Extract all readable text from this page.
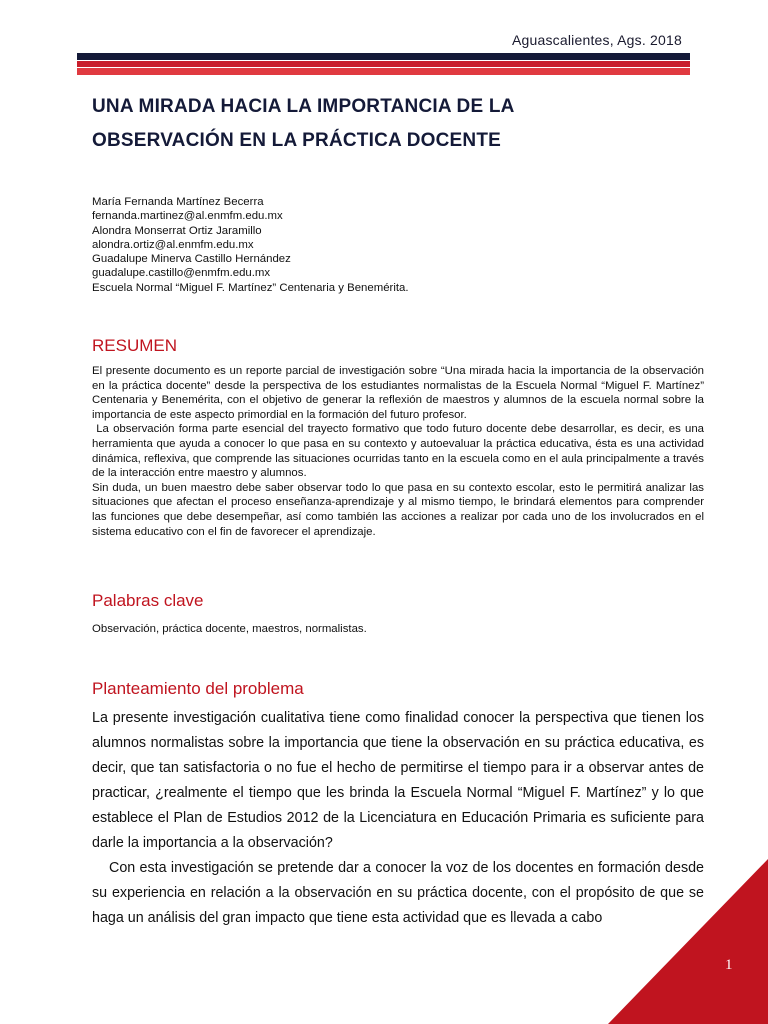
Aguascalientes, Ags. 2018
UNA MIRADA HACIA LA IMPORTANCIA DE LA
OBSERVACIÓN EN LA PRÁCTICA DOCENTE
María Fernanda Martínez Becerra
fernanda.martinez@al.enmfm.edu.mx
Alondra Monserrat Ortiz Jaramillo
alondra.ortiz@al.enmfm.edu.mx
Guadalupe Minerva Castillo Hernández
guadalupe.castillo@enmfm.edu.mx
Escuela Normal “Miguel F. Martínez” Centenaria y Benemérita.
RESUMEN

El presente documento es un reporte parcial de investigación sobre “Una mirada hacia la importancia de la observación en la práctica docente” desde la perspectiva de los estudiantes normalistas de la Escuela Normal “Miguel F. Martínez” Centenaria y Benemérita, con el objetivo de generar la reflexión de maestros y alumnos de la escuela normal sobre la importancia de este aspecto primordial en la formación del futuro profesor.

La observación forma parte esencial del trayecto formativo que todo futuro docente debe desarrollar, es decir, es una herramienta que ayuda a conocer lo que pasa en su contexto y autoevaluar la práctica educativa, ésta es una actividad dinámica, reflexiva, que comprende las situaciones ocurridas tanto en la escuela como en el aula principalmente a través de la interacción entre maestro y alumnos.

Sin duda, un buen maestro debe saber observar todo lo que pasa en su contexto escolar, esto le permitirá analizar las situaciones que afectan el proceso enseñanza-aprendizaje y al mismo tiempo, le brindará elementos para comprender las funciones que debe desempeñar, así como también las acciones a realizar por cada uno de los involucrados en el sistema educativo con el fin de favorecer el aprendizaje.

Palabras clave
Observación, práctica docente, maestros, normalistas.
Planteamiento del problema

La presente investigación cualitativa tiene como finalidad conocer la perspectiva que tienen los alumnos normalistas sobre la importancia que tiene la observación en su práctica educativa, es decir, que tan satisfactoria o no fue el hecho de permitirse el tiempo para ir a observar antes de practicar, ¿realmente el tiempo que les brinda la Escuela Normal “Miguel F. Martínez” y lo que establece el Plan de Estudios 2012 de la Licenciatura en Educación Primaria es suficiente para darle la importancia a la observación?

Con esta investigación se pretende dar a conocer la voz de los docentes en formación desde su experiencia en relación a la observación en su práctica docente, con el propósito de que se haga un análisis del gran impacto que tiene esta actividad que es llevada a cabo

1
